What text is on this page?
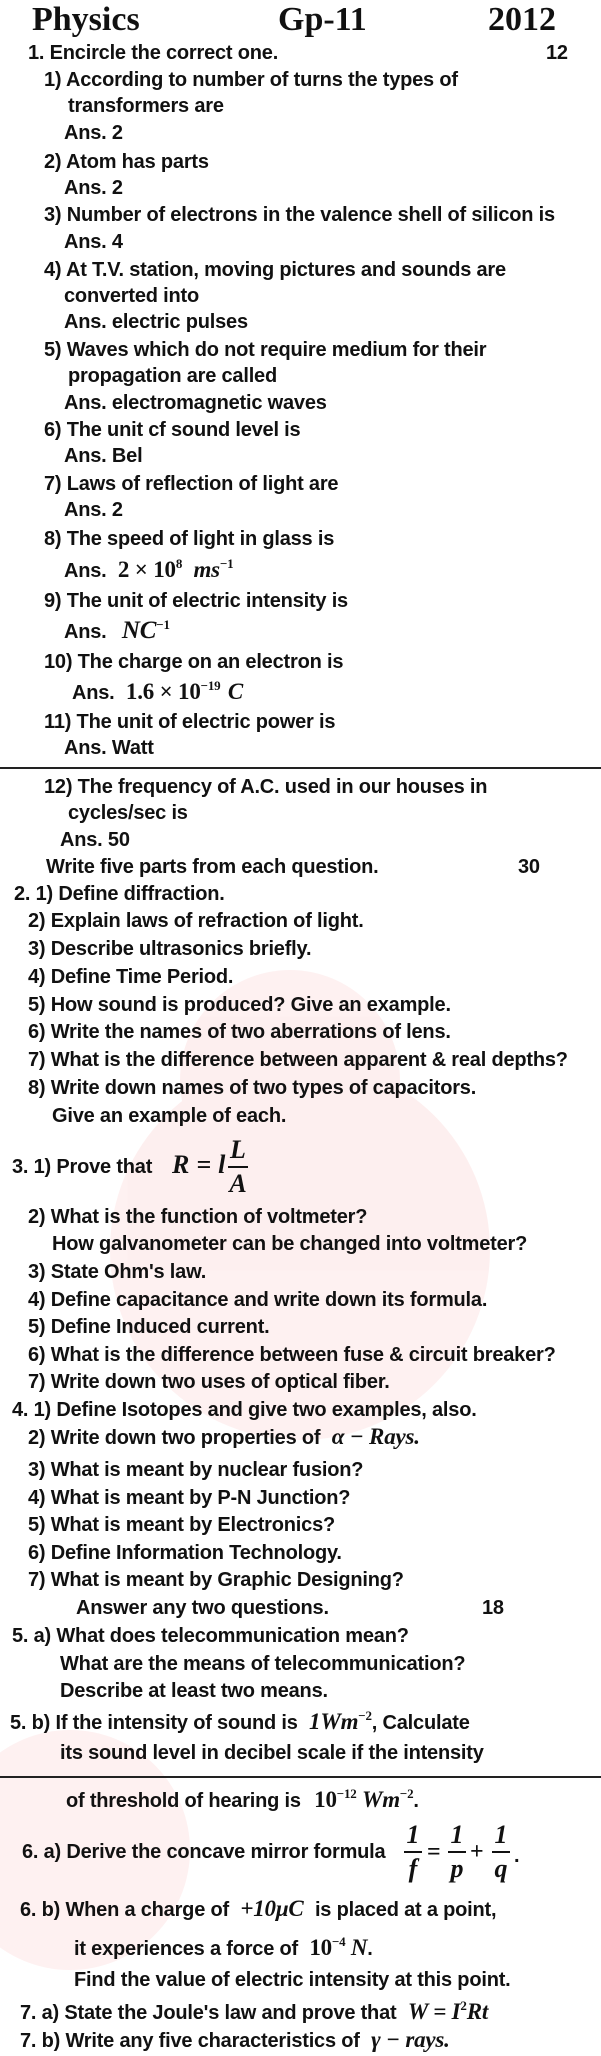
Physics	Gp-11	2012
1. Encircle the correct one.	12
1) According to number of turns the types of
transformers are
Ans. 2
2) Atom has parts
Ans. 2
3) Number of electrons in the valence shell of silicon is
Ans. 4
4) At T.V. station, moving pictures and sounds are
converted into
Ans. electric pulses
5) Waves which do not require medium for their
propagation are called
Ans. electromagnetic waves
6) The unit cf sound level is
Ans. Bel
7) Laws of reflection of light are
Ans. 2
8) The speed of light in glass is
Ans. $2 \times 10^8$ $ms^{-1}$
9) The unit of electric intensity is
Ans. $NC^{-1}$
10) The charge on an electron is
Ans. $1.6 \times 10^{-19}$ C
11) The unit of electric power is
Ans. Watt
12) The frequency of A.C. used in our houses in
cycles/sec is
Ans. 50
Write five parts from each question.	30
2. 1) Define diffraction.
2) Explain laws of refraction of light.
3) Describe ultrasonics briefly.
4) Define Time Period.
5) How sound is produced? Give an example.
6) Write the names of two aberrations of lens.
7) What is the difference between apparent & real depths?
8) Write down names of two types of capacitors.
Give an example of each.
3. 1) Prove that R = l
L
A
2) What is the function of voltmeter?
How galvanometer can be changed into voltmeter?
3) State Ohm's law.
4) Define capacitance and write down its formula.
5) Define Induced current.
6) What is the difference between fuse & circuit breaker?
7) Write down two uses of optical fiber.
4. 1) Define Isotopes and give two examples, also.
2) Write down two properties of α − Rays.
3) What is meant by nuclear fusion?
4) What is meant by P-N Junction?
5) What is meant by Electronics?
6) Define Information Technology.
7) What is meant by Graphic Designing?
Answer any two questions.	18
5. a) What does telecommunication mean?
What are the means of telecommunication?
Describe at least two means.
5. b) If the intensity of sound is $1Wm^{-2}$, Calculate
its sound level in decibel scale if the intensity
of threshold of hearing is $10^{-12}$ $Wm^{-2}$.
6. a) Derive the concave mirror formula
1
f
=
1
p
+
1
q .
6. b) When a charge of +10μC is placed at a point,
it experiences a force of $10^{-4}$ N.
Find the value of electric intensity at this point.
7. a) State the Joule's law and prove that $W = I^2Rt$
7. b) Write any five characteristics of γ − rays.
